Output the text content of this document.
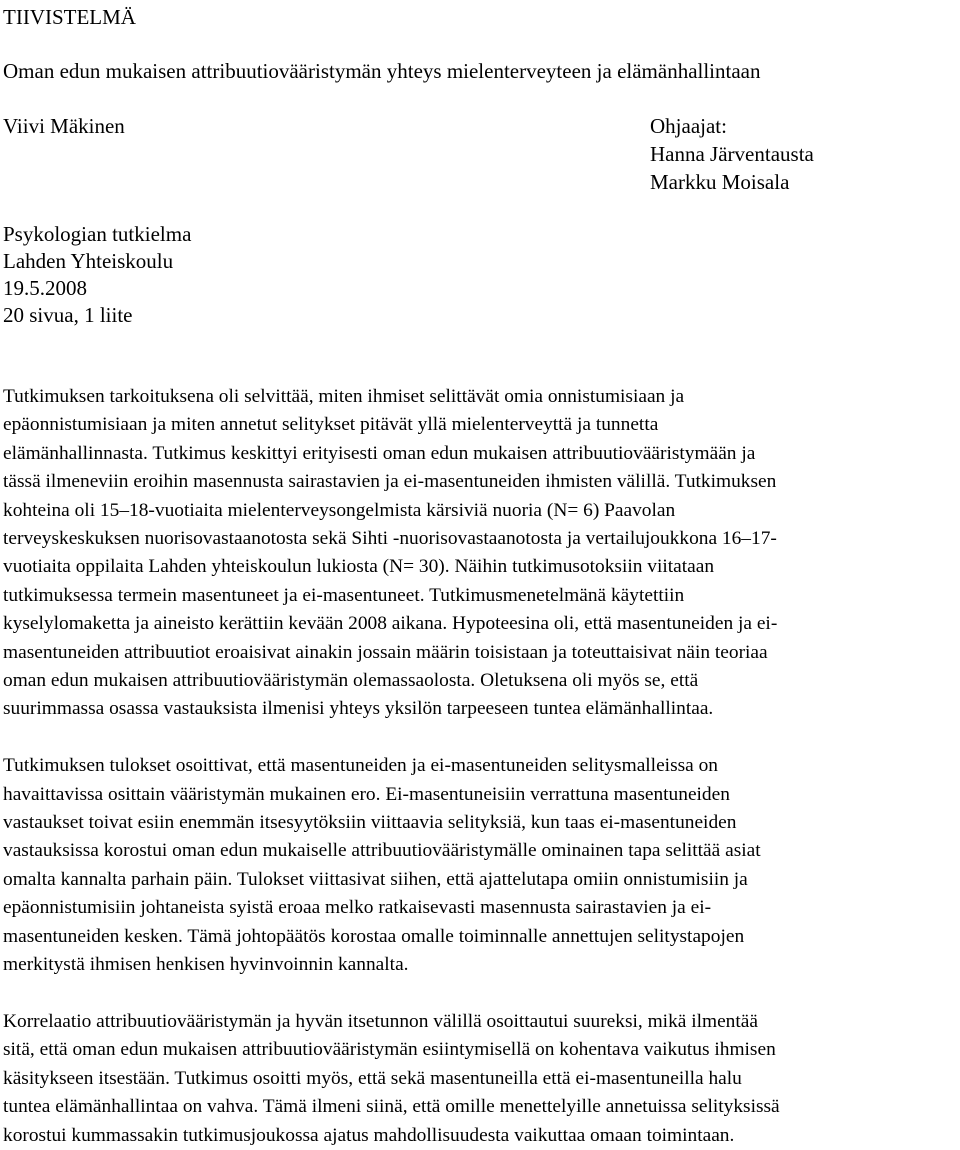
TIIVISTELMÄ
Oman edun mukaisen attribuutiovääristymän yhteys mielenterveyteen ja elämänhallintaan
Viivi Mäkinen	Ohjaajat:
Hanna Järventausta
Markku Moisala
Psykologian tutkielma
Lahden Yhteiskoulu
19.5.2008
20 sivua, 1 liite
Tutkimuksen tarkoituksena oli selvittää, miten ihmiset selittävät omia onnistumisiaan ja
epäonnistumisiaan ja miten annetut selitykset pitävät yllä mielenterveyttä ja tunnetta
elämänhallinnasta. Tutkimus keskittyi erityisesti oman edun mukaisen attribuutiovääristymään ja
tässä ilmeneviin eroihin masennusta sairastavien ja ei-masentuneiden ihmisten välillä. Tutkimuksen
kohteina oli 15–18-vuotiaita mielenterveysongelmista kärsiviä nuoria (N= 6) Paavolan
terveyskeskuksen nuorisovastaanotosta sekä Sihti -nuorisovastaanotosta ja vertailujoukkona 16–17-
vuotiaita oppilaita Lahden yhteiskoulun lukiosta (N= 30). Näihin tutkimusotoksiin viitataan
tutkimuksessa termein masentuneet ja ei-masentuneet. Tutkimusmenetelmänä käytettiin
kyselylomaketta ja aineisto kerättiin kevään 2008 aikana. Hypoteesina oli, että masentuneiden ja ei-
masentuneiden attribuutiot eroaisivat ainakin jossain määrin toisistaan ja toteuttaisivat näin teoriaa
oman edun mukaisen attribuutiovääristymän olemassaolosta. Oletuksena oli myös se, että
suurimmassa osassa vastauksista ilmenisi yhteys yksilön tarpeeseen tuntea elämänhallintaa.
Tutkimuksen tulokset osoittivat, että masentuneiden ja ei-masentuneiden selitysmalleissa on
havaittavissa osittain vääristymän mukainen ero. Ei-masentuneisiin verrattuna masentuneiden
vastaukset toivat esiin enemmän itsesyytöksiin viittaavia selityksiä, kun taas ei-masentuneiden
vastauksissa korostui oman edun mukaiselle attribuutiovääristymälle ominainen tapa selittää asiat
omalta kannalta parhain päin. Tulokset viittasivat siihen, että ajattelutapa omiin onnistumisiin ja
epäonnistumisiin johtaneista syistä eroaa melko ratkaisevasti masennusta sairastavien ja ei-
masentuneiden kesken. Tämä johtopäätös korostaa omalle toiminnalle annettujen selitystapojen
merkitystä ihmisen henkisen hyvinvoinnin kannalta.
Korrelaatio attribuutiovääristymän ja hyvän itsetunnon välillä osoittautui suureksi, mikä ilmentää
sitä, että oman edun mukaisen attribuutiovääristymän esiintymisellä on kohentava vaikutus ihmisen
käsitykseen itsestään. Tutkimus osoitti myös, että sekä masentuneilla että ei-masentuneilla halu
tuntea elämänhallintaa on vahva. Tämä ilmeni siinä, että omille menettelyille annetuissa selityksissä
korostui kummassakin tutkimusjoukossa ajatus mahdollisuudesta vaikuttaa omaan toimintaan.
